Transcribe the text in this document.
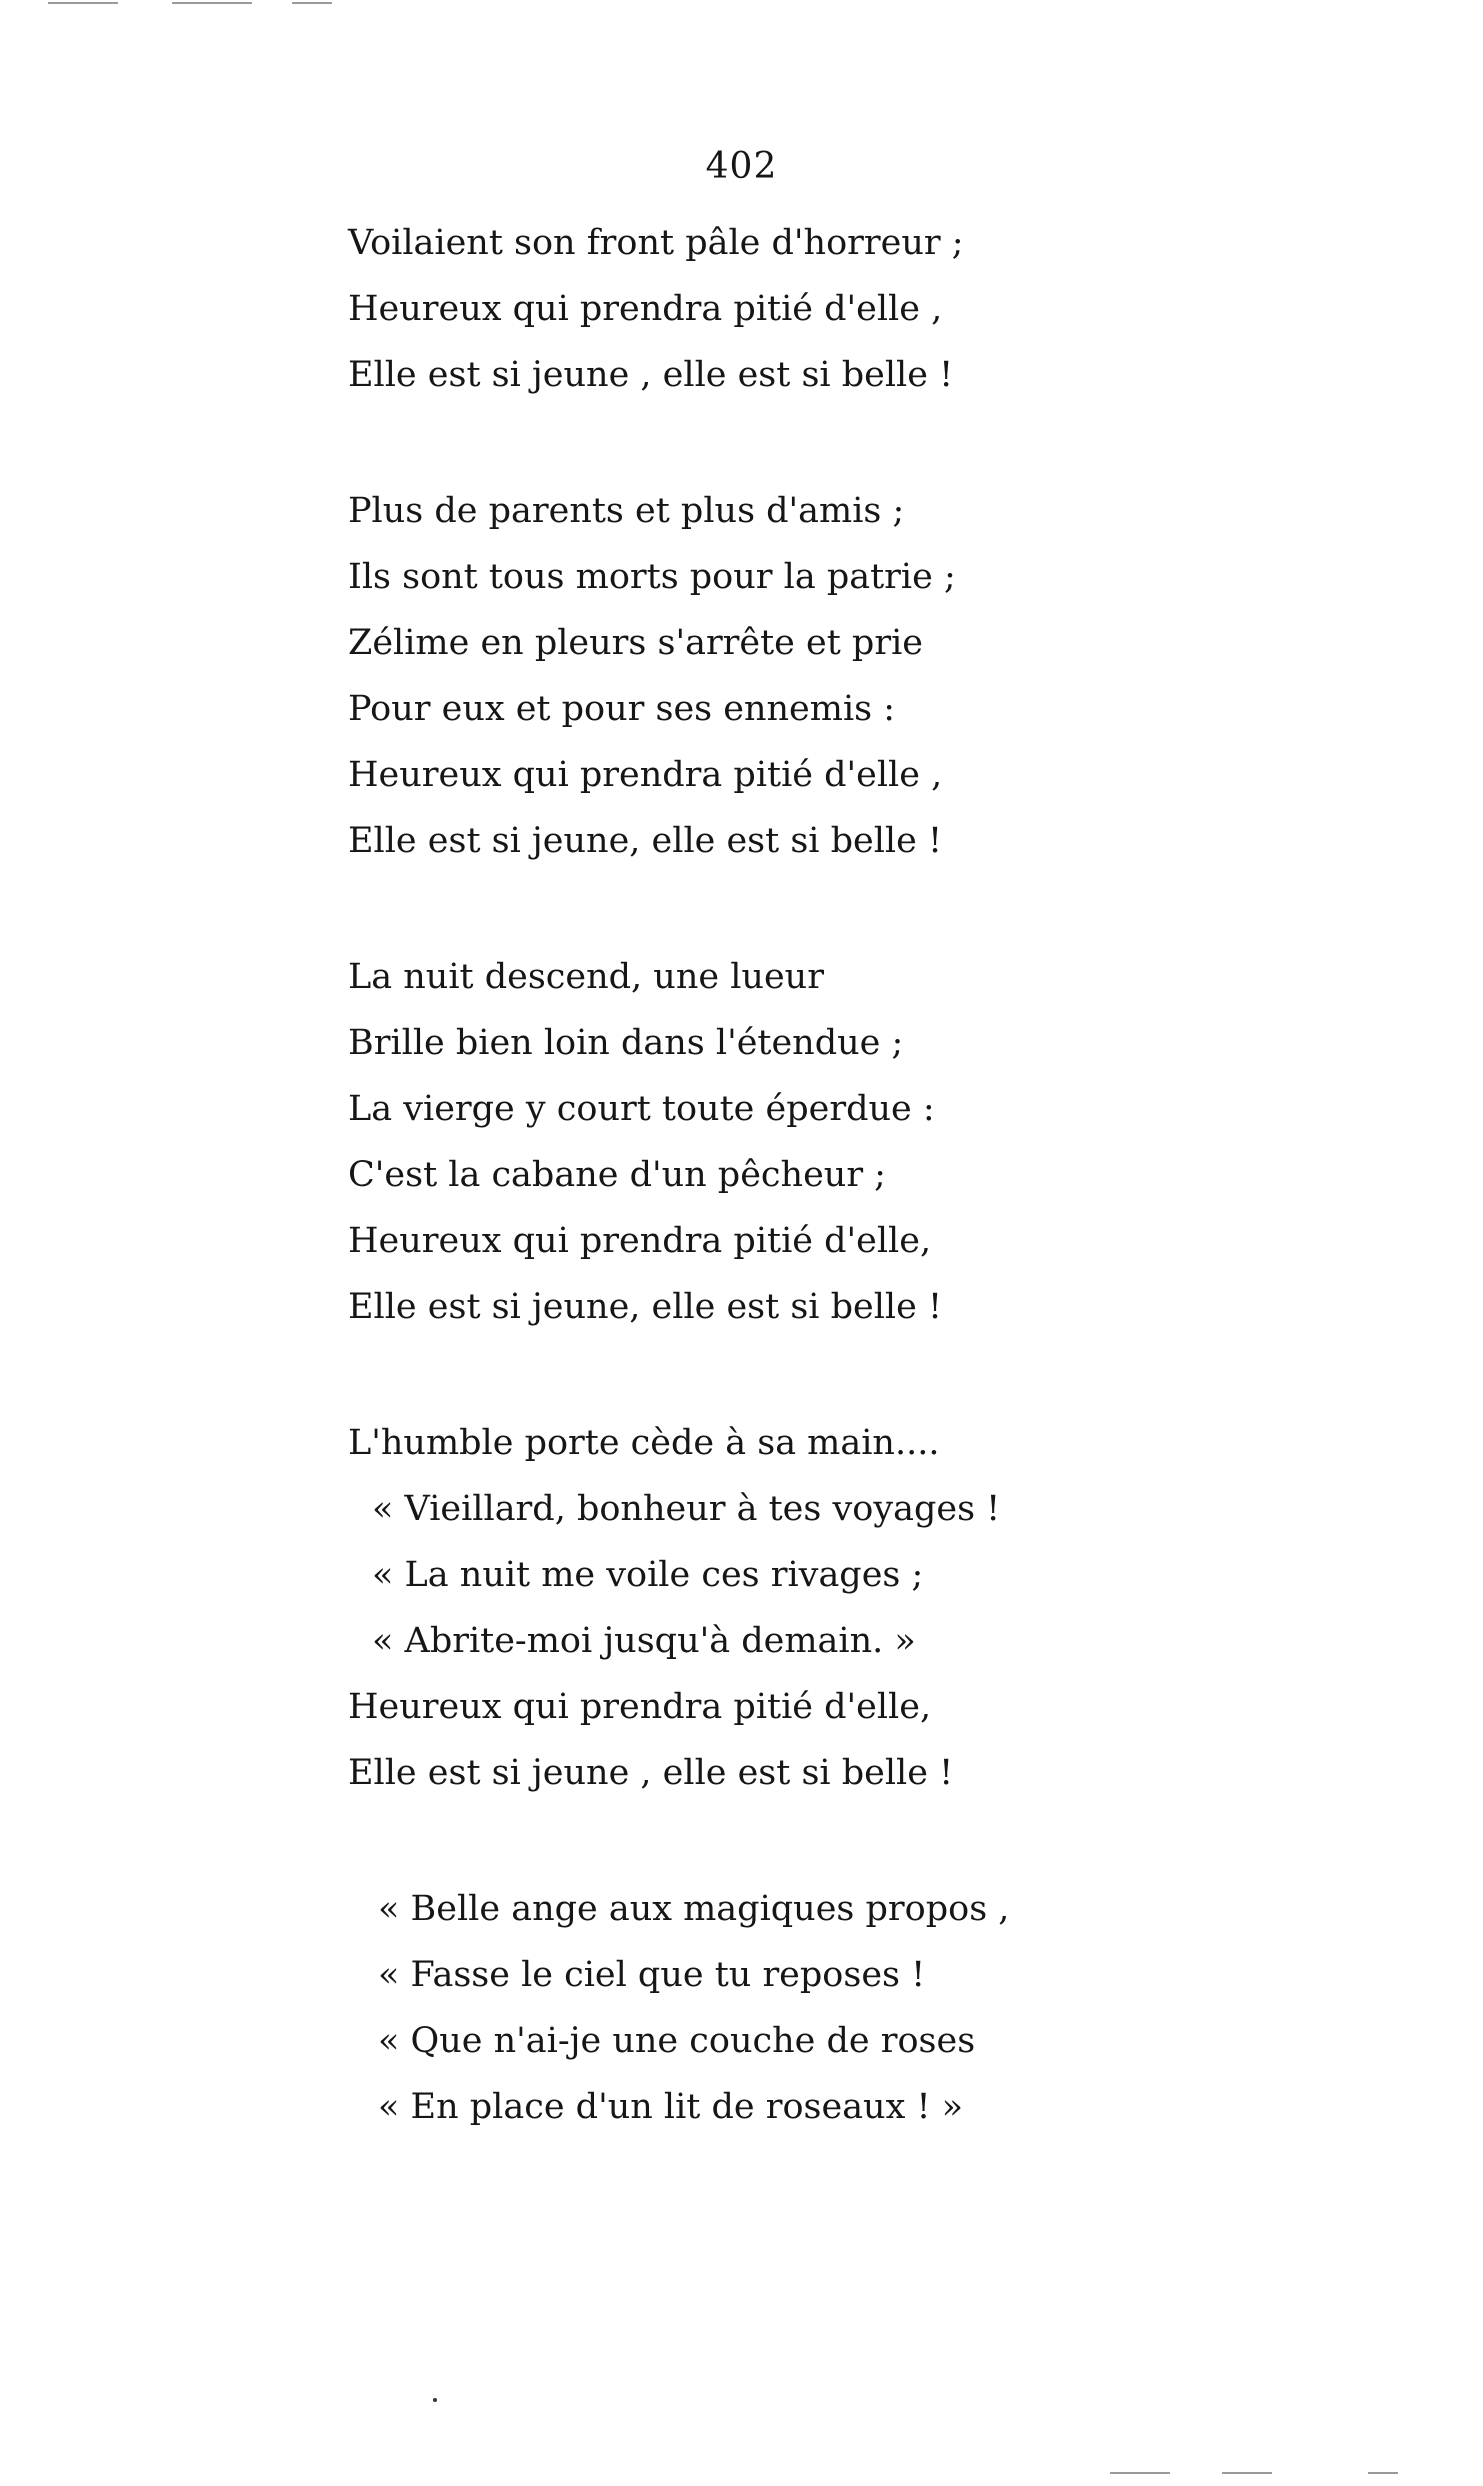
402
Voilaient son front pâle d'horreur ;
Heureux qui prendra pitié d'elle ,
Elle est si jeune , elle est si belle !
Plus de parents et plus d'amis ;
Ils sont tous morts pour la patrie ;
Zélime en pleurs s'arrête et prie
Pour eux et pour ses ennemis :
Heureux qui prendra pitié d'elle ,
Elle est si jeune, elle est si belle !
La nuit descend, une lueur
Brille bien loin dans l'étendue ;
La vierge y court toute éperdue :
C'est la cabane d'un pêcheur ;
Heureux qui prendra pitié d'elle,
Elle est si jeune, elle est si belle !
L'humble porte cède à sa main....
« Vieillard, bonheur à tes voyages !
« La nuit me voile ces rivages ;
« Abrite-moi jusqu'à demain. »
Heureux qui prendra pitié d'elle,
Elle est si jeune , elle est si belle !
« Belle ange aux magiques propos ,
« Fasse le ciel que tu reposes !
« Que n'ai-je une couche de roses
« En place d'un lit de roseaux ! »
